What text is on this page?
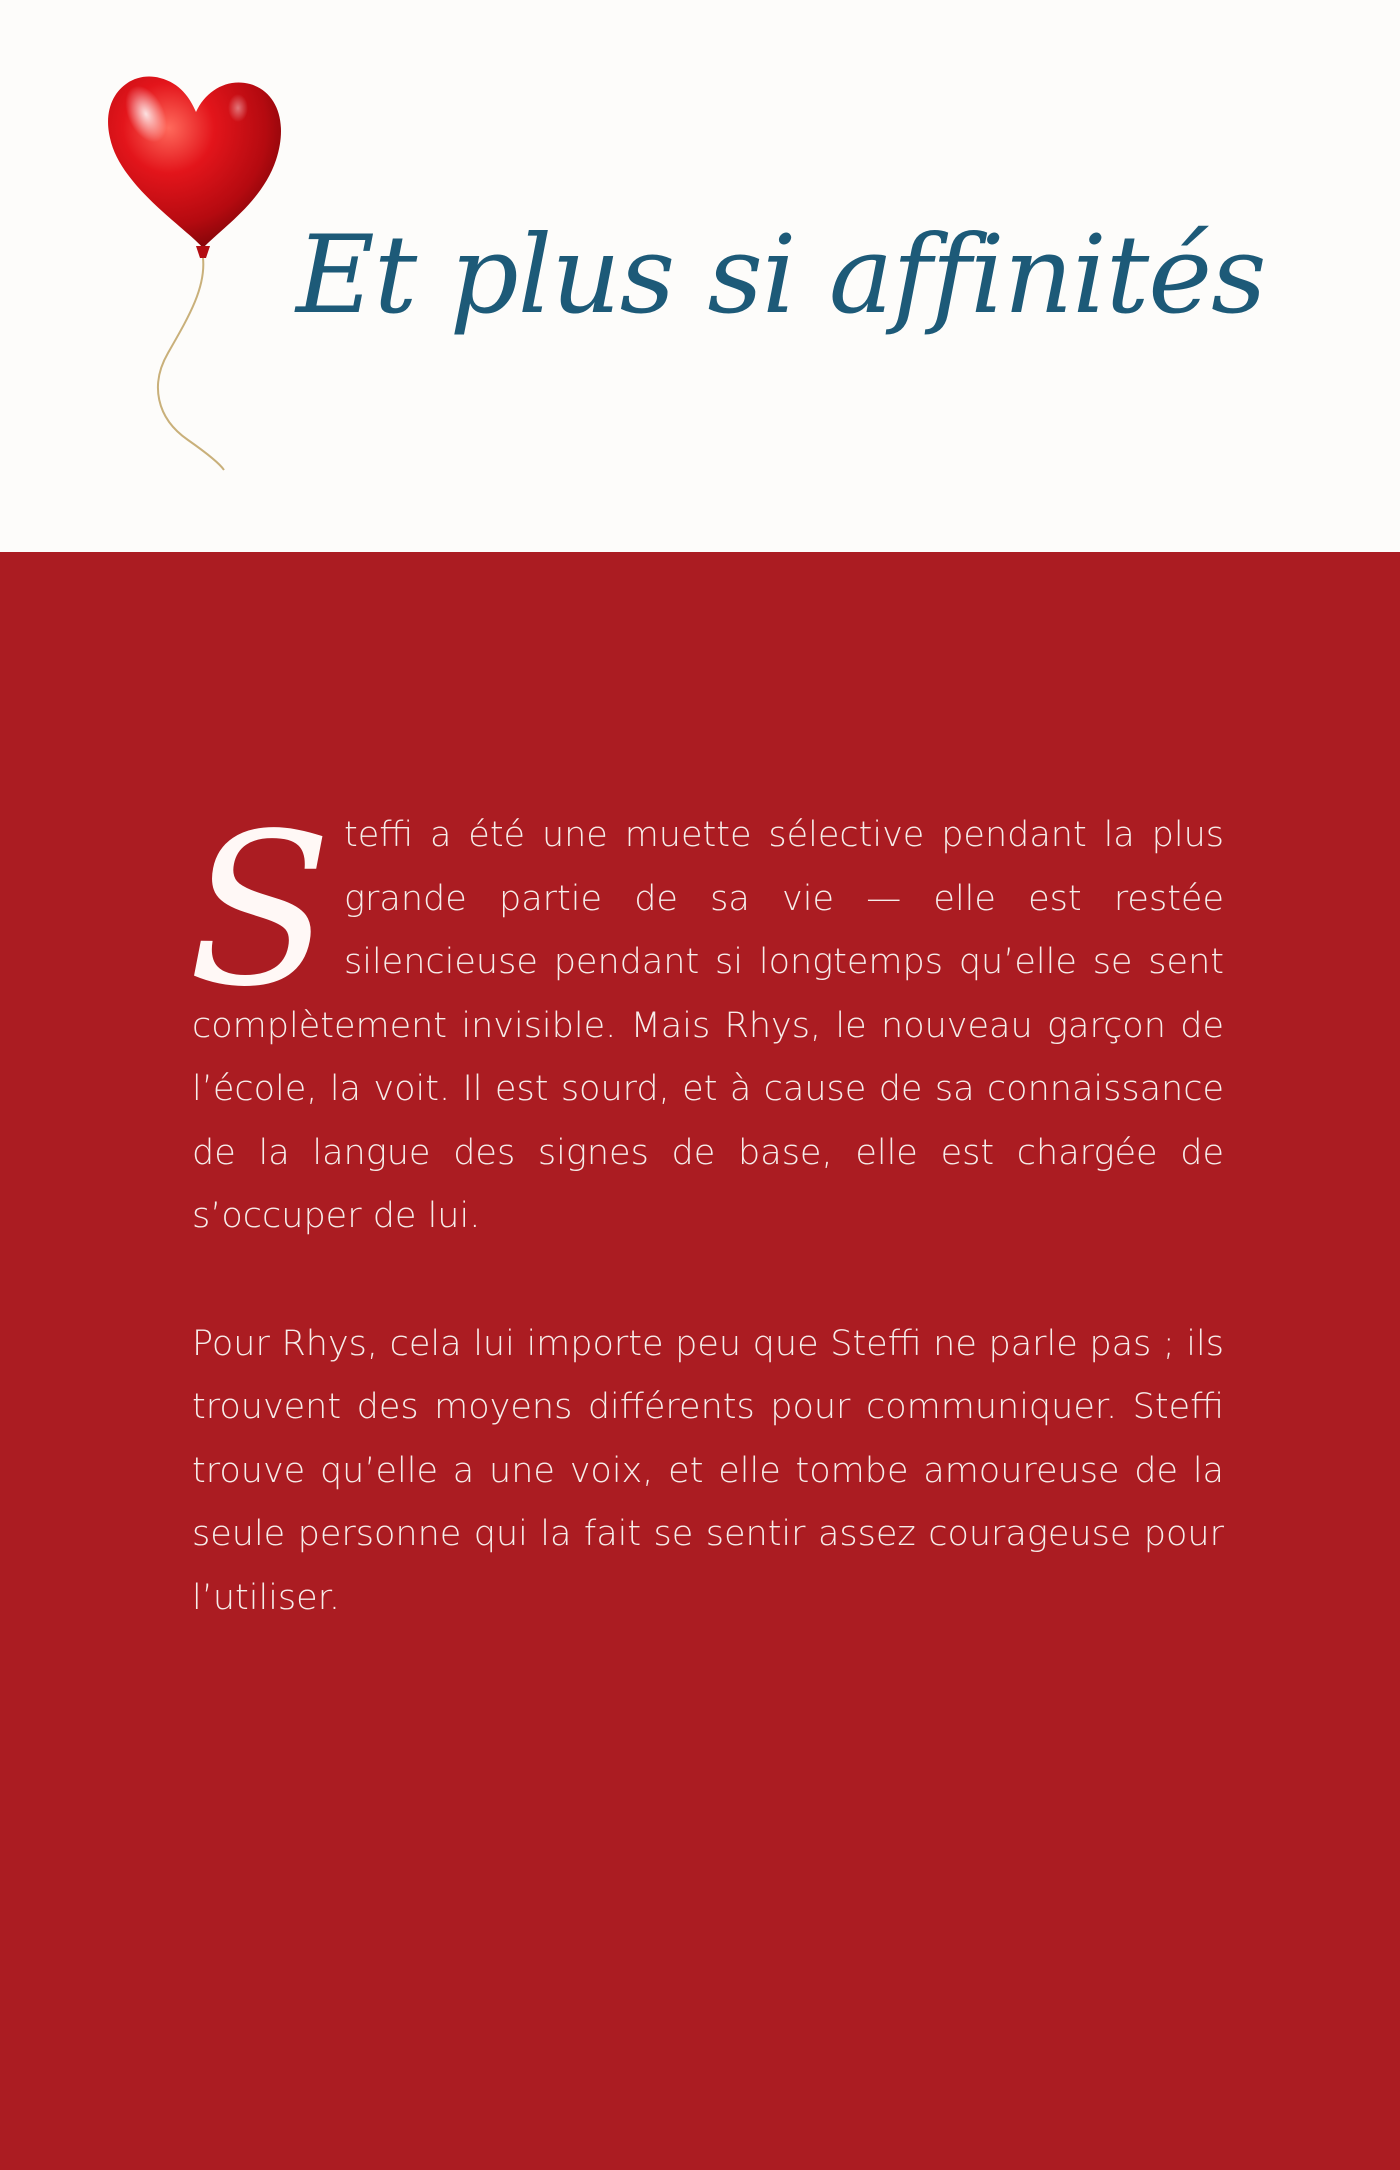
Et plus si affinités

Steffi a été une muette sélective pendant la plus grande partie de sa vie — elle est restée silencieuse pendant si longtemps qu’elle se sent complètement invisible. Mais Rhys, le nouveau garçon de l’école, la voit. Il est sourd, et à cause de sa connaissance de la langue des signes de base, elle est chargée de s’occuper de lui.

Pour Rhys, cela lui importe peu que Steffi ne parle pas ; ils trouvent des moyens différents pour communiquer. Steffi trouve qu’elle a une voix, et elle tombe amoureuse de la seule personne qui la fait se sentir assez courageuse pour l’utiliser.
